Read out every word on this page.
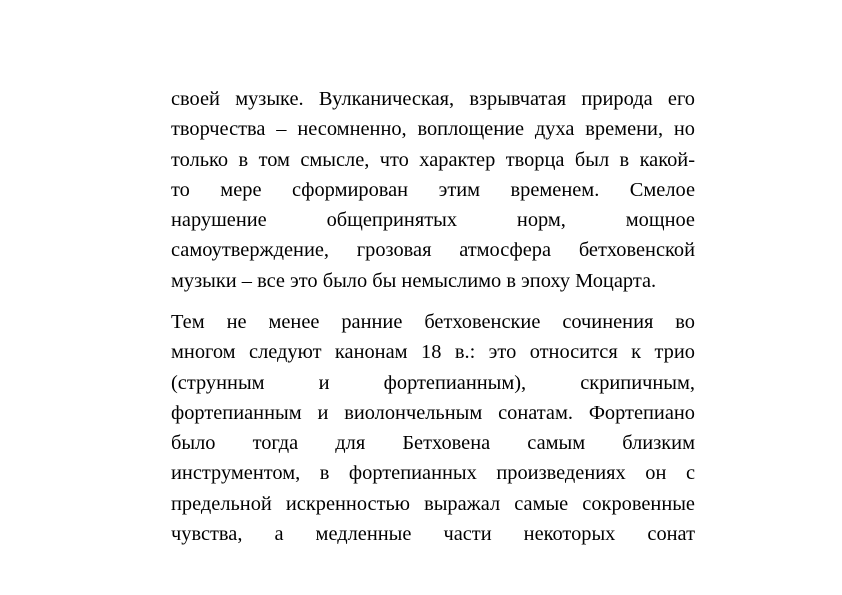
своей музыке. Вулканическая, взрывчатая природа его
творчества – несомненно, воплощение духа времени, но
только в том смысле, что характер творца был в какой-
то мере сформирован этим временем. Смелое
нарушение общепринятых норм, мощное
самоутверждение, грозовая атмосфера бетховенской
музыки – все это было бы немыслимо в эпоху Моцарта.
Тем не менее ранние бетховенские сочинения во
многом следуют канонам 18 в.: это относится к трио
(струнным и фортепианным), скрипичным,
фортепианным и виолончельным сонатам. Фортепиано
было тогда для Бетховена самым близким
инструментом, в фортепианных произведениях он с
предельной искренностью выражал самые сокровенные
чувства, а медленные части некоторых сонат
